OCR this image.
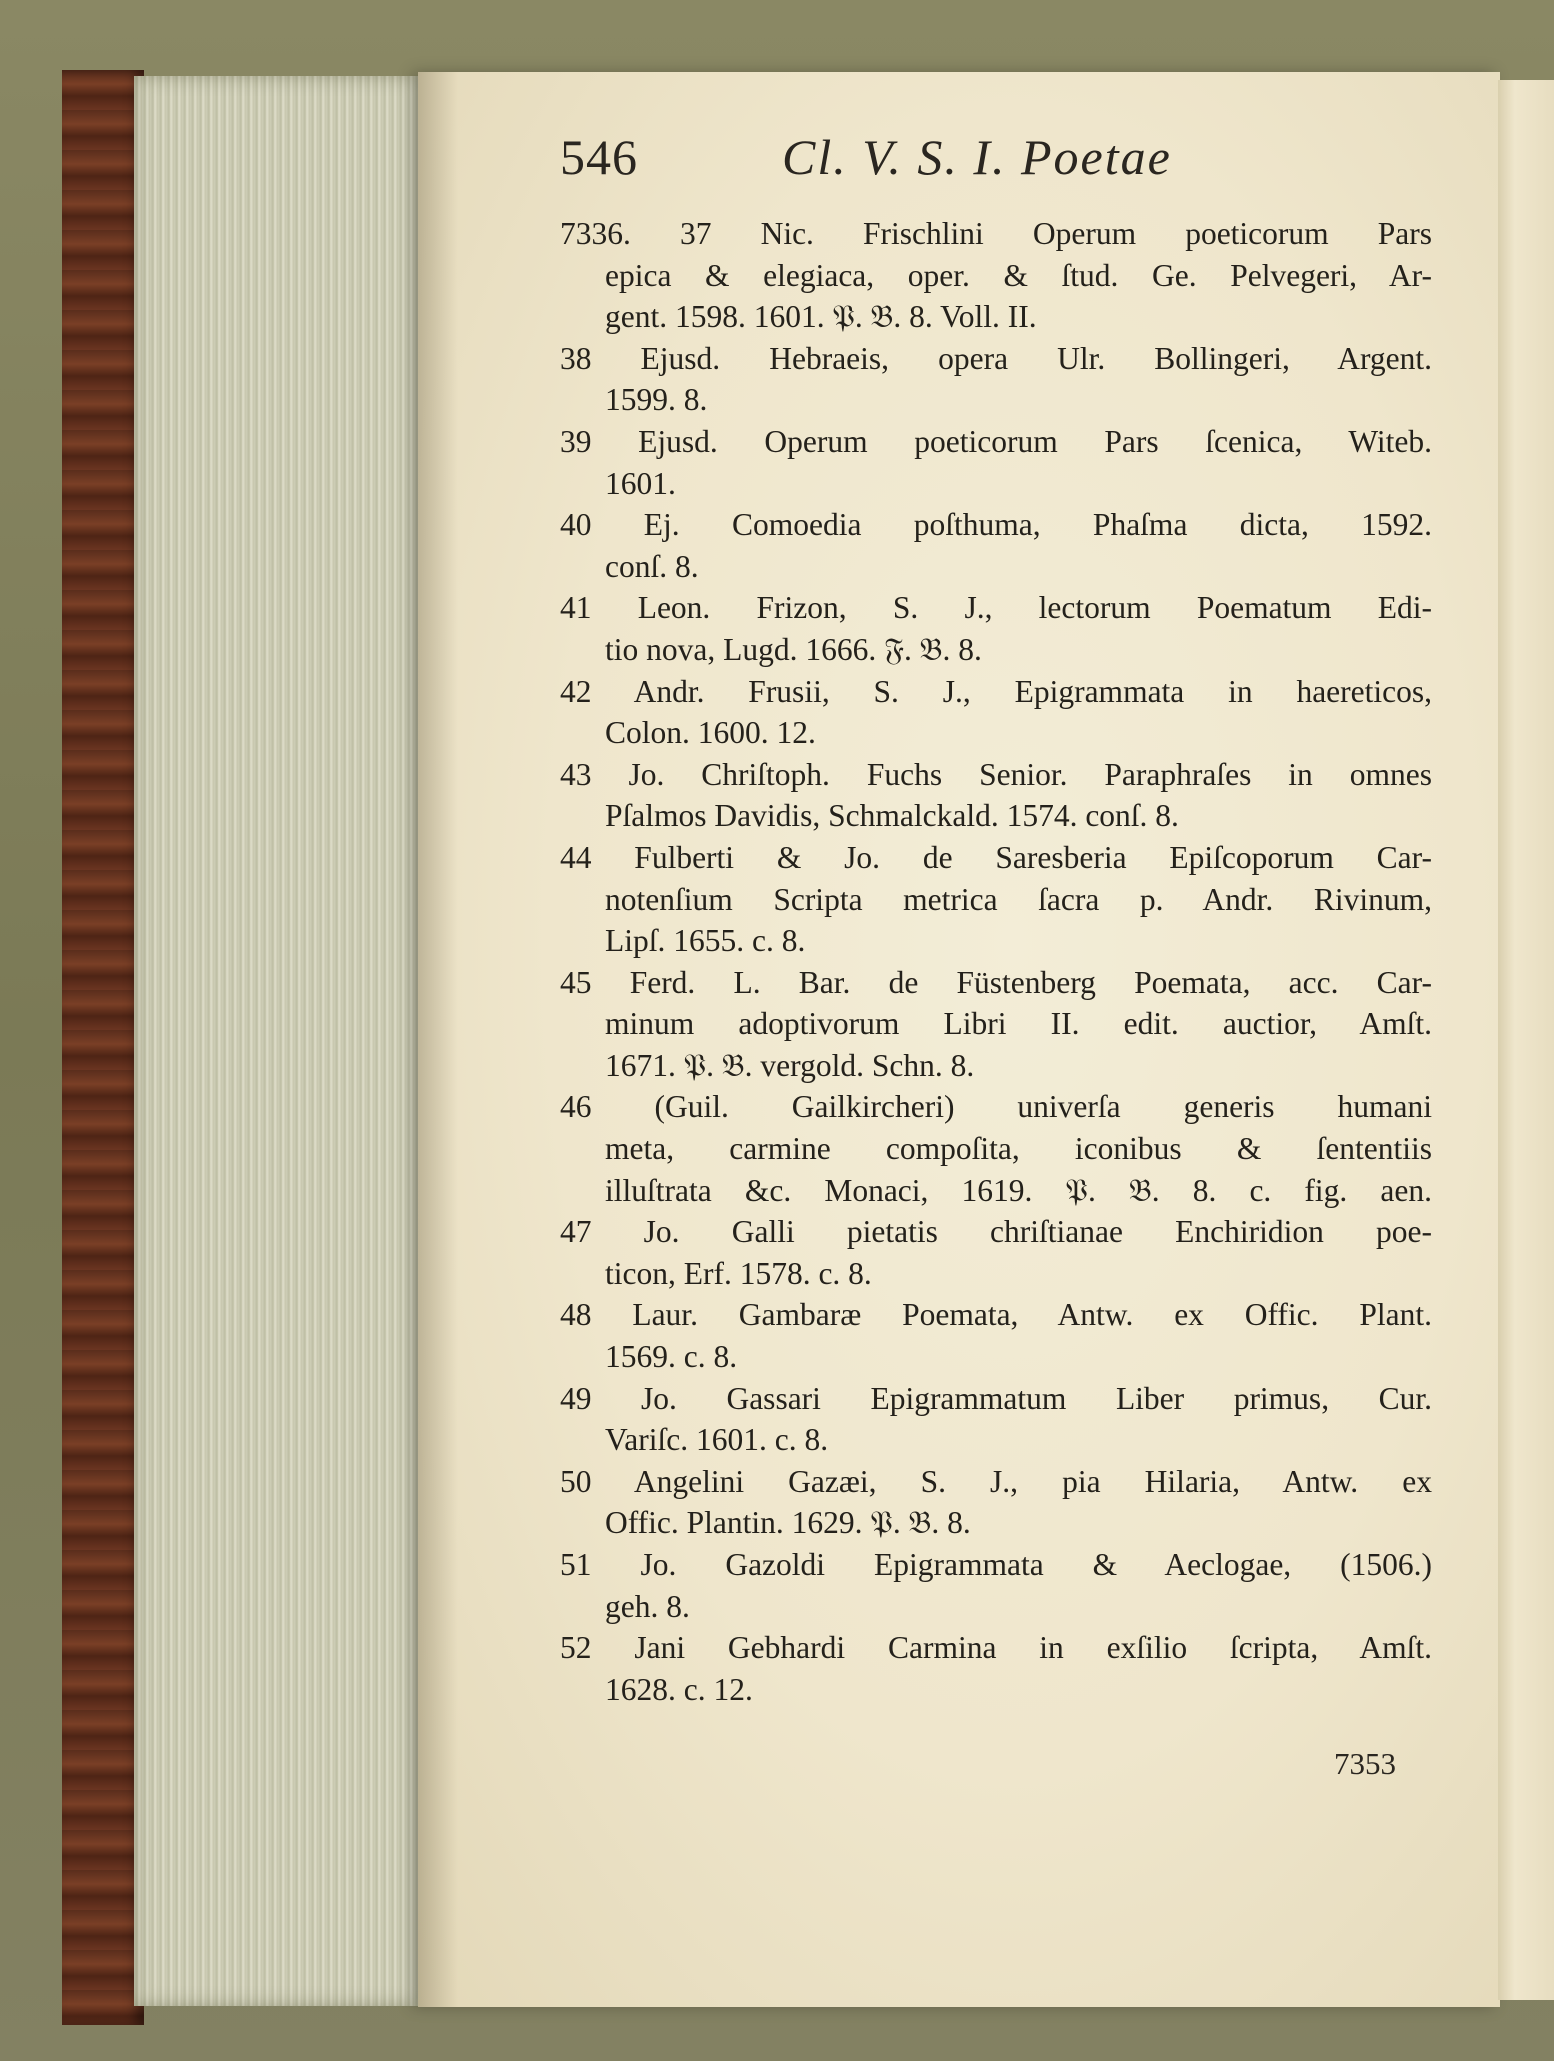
546	Cl. V. S. I. Poetae
7336. 37 Nic. Frischlini Operum poeticorum Pars
epica & elegiaca, oper. & ſtud. Ge. Pelvegeri, Ar-
gent. 1598. 1601. 𝔓. 𝔅. 8. Voll. II.
38 Ejusd. Hebraeis, opera Ulr. Bollingeri, Argent.
1599. 8.
39 Ejusd. Operum poeticorum Pars ſcenica, Witeb.
1601.
40 Ej. Comoedia poſthuma, Phaſma dicta, 1592.
conſ. 8.
41 Leon. Frizon, S. J., lectorum Poematum Edi-
tio nova, Lugd. 1666. 𝔉. 𝔅. 8.
42 Andr. Frusii, S. J., Epigrammata in haereticos,
Colon. 1600. 12.
43 Jo. Chriſtoph. Fuchs Senior. Paraphraſes in omnes
Pſalmos Davidis, Schmalckald. 1574. conſ. 8.
44 Fulberti & Jo. de Saresberia Epiſcoporum Car-
notenſium Scripta metrica ſacra p. Andr. Rivinum,
Lipſ. 1655. c. 8.
45 Ferd. L. Bar. de Füstenberg Poemata, acc. Car-
minum adoptivorum Libri II. edit. auctior, Amſt.
1671. 𝔓. 𝔅. vergold. Schn. 8.
46 (Guil. Gailkircheri) univerſa generis humani
meta, carmine compoſita, iconibus & ſententiis
illuſtrata &c. Monaci, 1619. 𝔓. 𝔅. 8. c. fig. aen.
47 Jo. Galli pietatis chriſtianae Enchiridion poe-
ticon, Erf. 1578. c. 8.
48 Laur. Gambaræ Poemata, Antw. ex Offic. Plant.
1569. c. 8.
49 Jo. Gassari Epigrammatum Liber primus, Cur.
Variſc. 1601. c. 8.
50 Angelini Gazæi, S. J., pia Hilaria, Antw. ex
Offic. Plantin. 1629. 𝔓. 𝔅. 8.
51 Jo. Gazoldi Epigrammata & Aeclogae, (1506.)
geh. 8.
52 Jani Gebhardi Carmina in exſilio ſcripta, Amſt.
1628. c. 12.
7353
